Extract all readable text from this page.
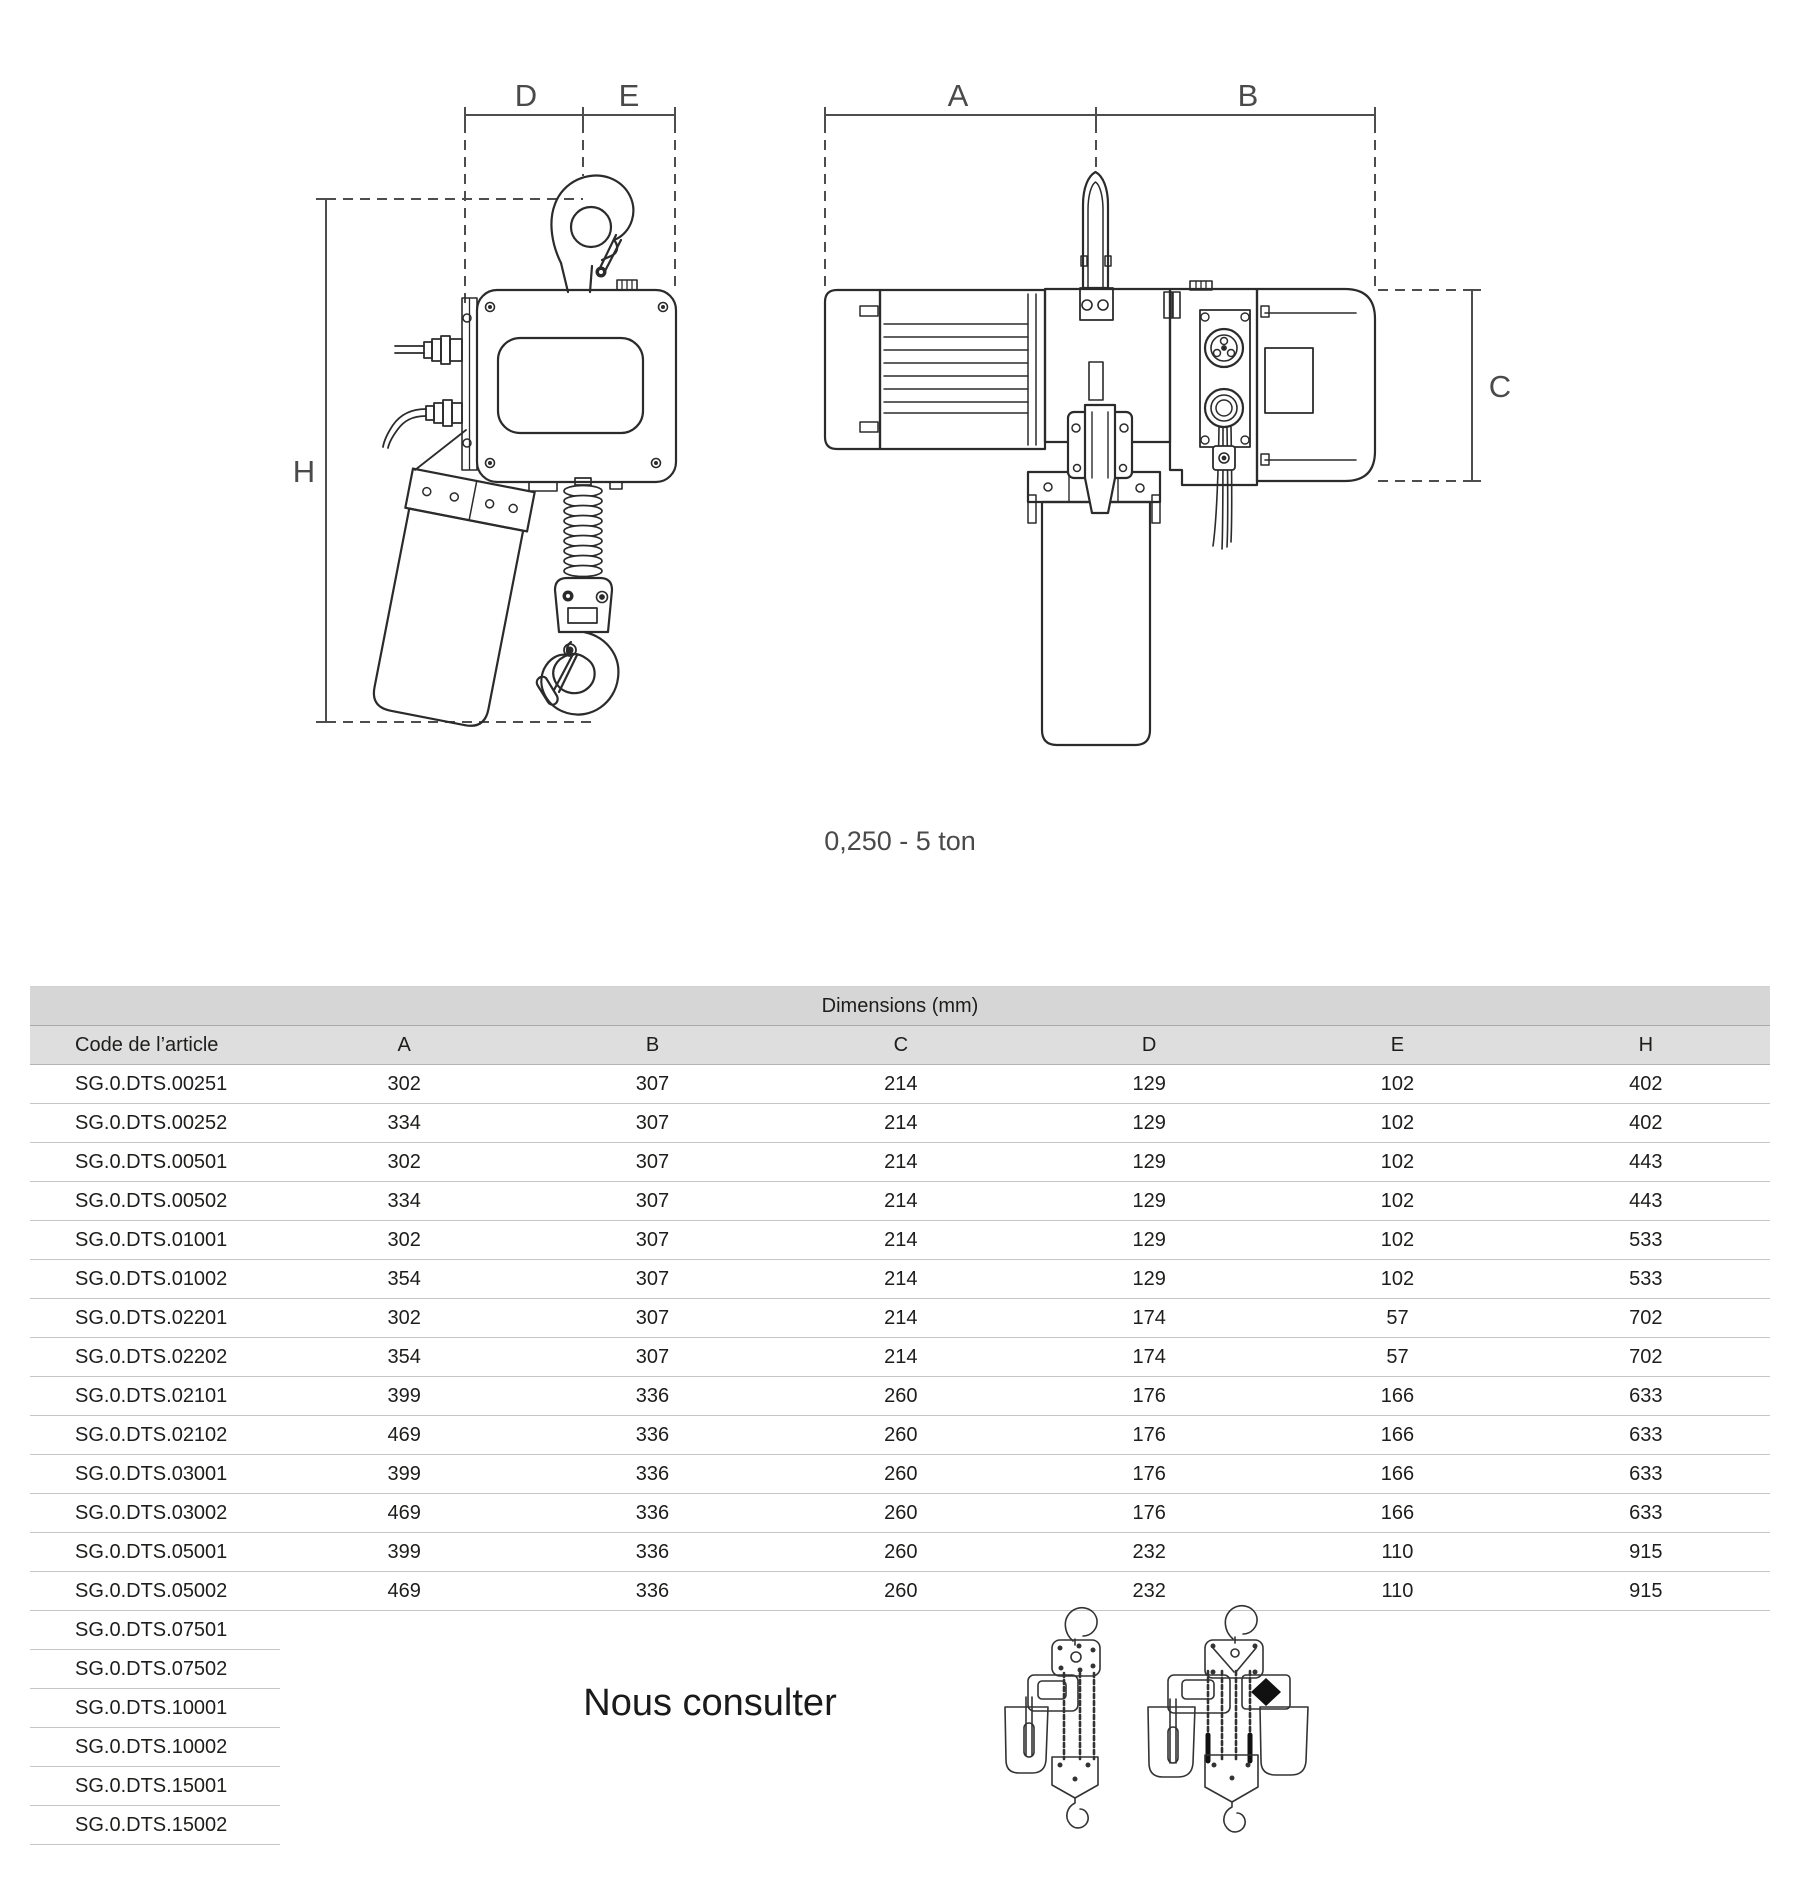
D	E
H
A	B
C
0,250 - 5 ton
Dimensions (mm)						
Code de l’article	A	B	C	D	E	H
SG.0.DTS.00251	302	307	214	129	102	402
SG.0.DTS.00252	334	307	214	129	102	402
SG.0.DTS.00501	302	307	214	129	102	443
SG.0.DTS.00502	334	307	214	129	102	443
SG.0.DTS.01001	302	307	214	129	102	533
SG.0.DTS.01002	354	307	214	129	102	533
SG.0.DTS.02201	302	307	214	174	57	702
SG.0.DTS.02202	354	307	214	174	57	702
SG.0.DTS.02101	399	336	260	176	166	633
SG.0.DTS.02102	469	336	260	176	166	633
SG.0.DTS.03001	399	336	260	176	166	633
SG.0.DTS.03002	469	336	260	176	166	633
SG.0.DTS.05001	399	336	260	232	110	915
SG.0.DTS.05002	469	336	260	232	110	915
SG.0.DTS.07501						
SG.0.DTS.07502						
SG.0.DTS.10001						
SG.0.DTS.10002						
SG.0.DTS.15001						
SG.0.DTS.15002						
Nous consulter
